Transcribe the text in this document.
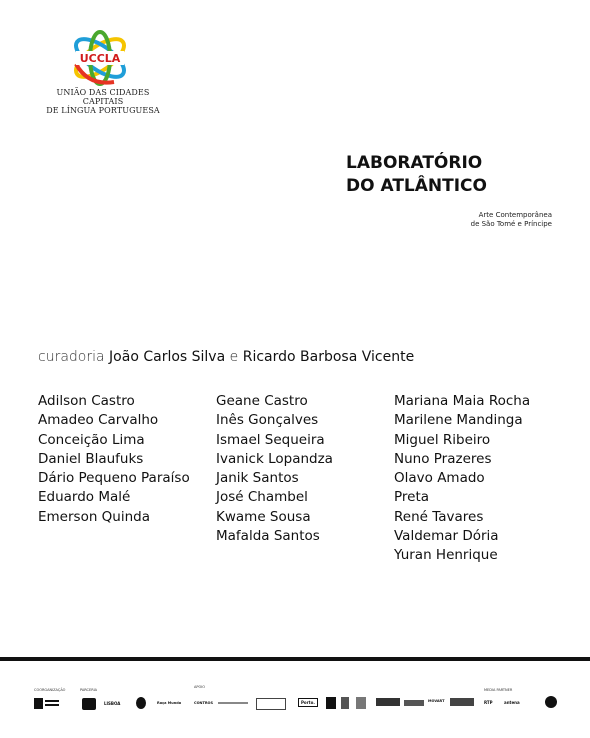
UCCLA
UNIÃO DAS CIDADES CAPITAIS
DE LÍNGUA PORTUGUESA
LABORATÓRIO
DO ATLÂNTICO
Arte Contemporânea
de São Tomé e Príncipe
curadoria João Carlos Silva e Ricardo Barbosa Vicente
Adilson Castro
Amadeo Carvalho
Conceição Lima
Daniel Blaufuks
Dário Pequeno Paraíso
Eduardo Malé
Emerson Quinda
Geane Castro
Inês Gonçalves
Ismael Sequeira
Ivanick Lopandza
Janik Santos
José Chambel
Kwame Sousa
Mafalda Santos
Mariana Maia Rocha
Marilene Mandinga
Miguel Ribeiro
Nuno Prazeres
Olavo Amado
Preta
René Tavares
Valdemar Dória
Yuran Henrique
COORGANIZAÇÃO	PARCERIA
APOIO
MEDIA PARTNER
LISBOA	Roça Mundo	CONTROS	Porto.	MOVART	RTP	antena
